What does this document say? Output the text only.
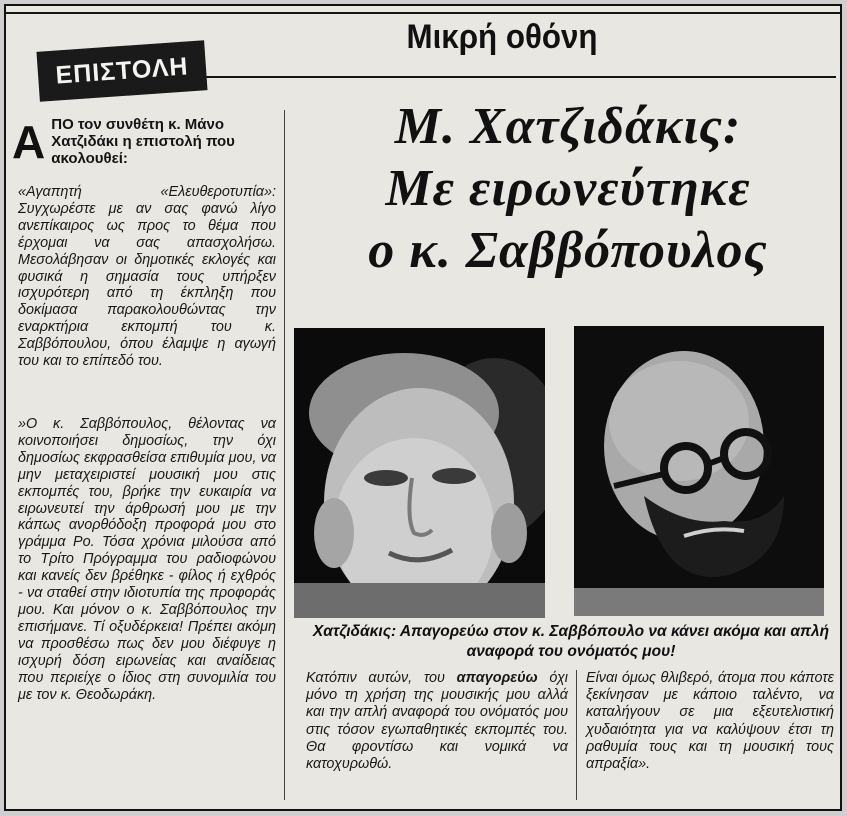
Μικρή οθόνη
ΕΠΙΣΤΟΛΗ
Α ΠΟ τον συνθέτη κ. Μάνο Χατζιδάκι η επιστολή που ακολουθεί:

«Αγαπητή «Ελευθεροτυπία»: Συγχωρέστε με αν σας φανώ λίγο ανεπίκαιρος ως προς το θέμα που έρχομαι να σας απασχολήσω. Μεσολάβησαν οι δημοτικές εκλογές και φυσικά η σημασία τους υπήρξεν ισχυρότερη από τη έκπληξη που δοκίμασα παρακολουθώντας την εναρκτήρια εκπομπή του κ. Σαββόπουλου, όπου έλαμψε η αγωγή του και το επίπεδό του.

»Ο κ. Σαββόπουλος, θέλοντας να κοινοποιήσει δημοσίως, την όχι δημοσίως εκφρασθείσα επιθυμία μου, να μην μεταχειριστεί μουσική μου στις εκπομπές του, βρήκε την ευκαιρία να ειρωνευτεί την άρθρωσή μου με την κάπως ανορθόδοξη προφορά μου στο γράμμα Ρο. Τόσα χρόνια μιλούσα από το Τρίτο Πρόγραμμα του ραδιοφώνου και κανείς δεν βρέθηκε - φίλος ή εχθρός - να σταθεί στην ιδιοτυπία της προφοράς μου. Και μόνον ο κ. Σαββόπουλος την επισήμανε. Τί οξυδέρκεια! Πρέπει ακόμη να προσθέσω πως δεν μου διέφυγε η ισχυρή δόση ειρωνείας και αναίδειας που περιείχε ο ίδιος στη συνομιλία του με τον κ. Θεοδωράκη.

Μ. Χατζιδάκις:
Με ειρωνεύτηκε
ο κ. Σαββόπουλος
Χατζιδάκις: Απαγορεύω στον κ. Σαββόπουλο να κάνει ακόμα και απλή αναφορά του ονόματός μου!

Κατόπιν αυτών, του απαγορεύω όχι μόνο τη χρήση της μουσικής μου αλλά και την απλή αναφορά του ονόματός μου στις τόσον εγωπαθητικές εκπομπές του. Θα φροντίσω και νομικά να κατοχυρωθώ.

Είναι όμως θλιβερό, άτομα που κάποτε ξεκίνησαν με κάποιο ταλέντο, να καταλήγουν σε μια εξευτελιστική χυδαιότητα για να καλύψουν έτσι τη ραθυμία τους και τη μουσική τους απραξία».
